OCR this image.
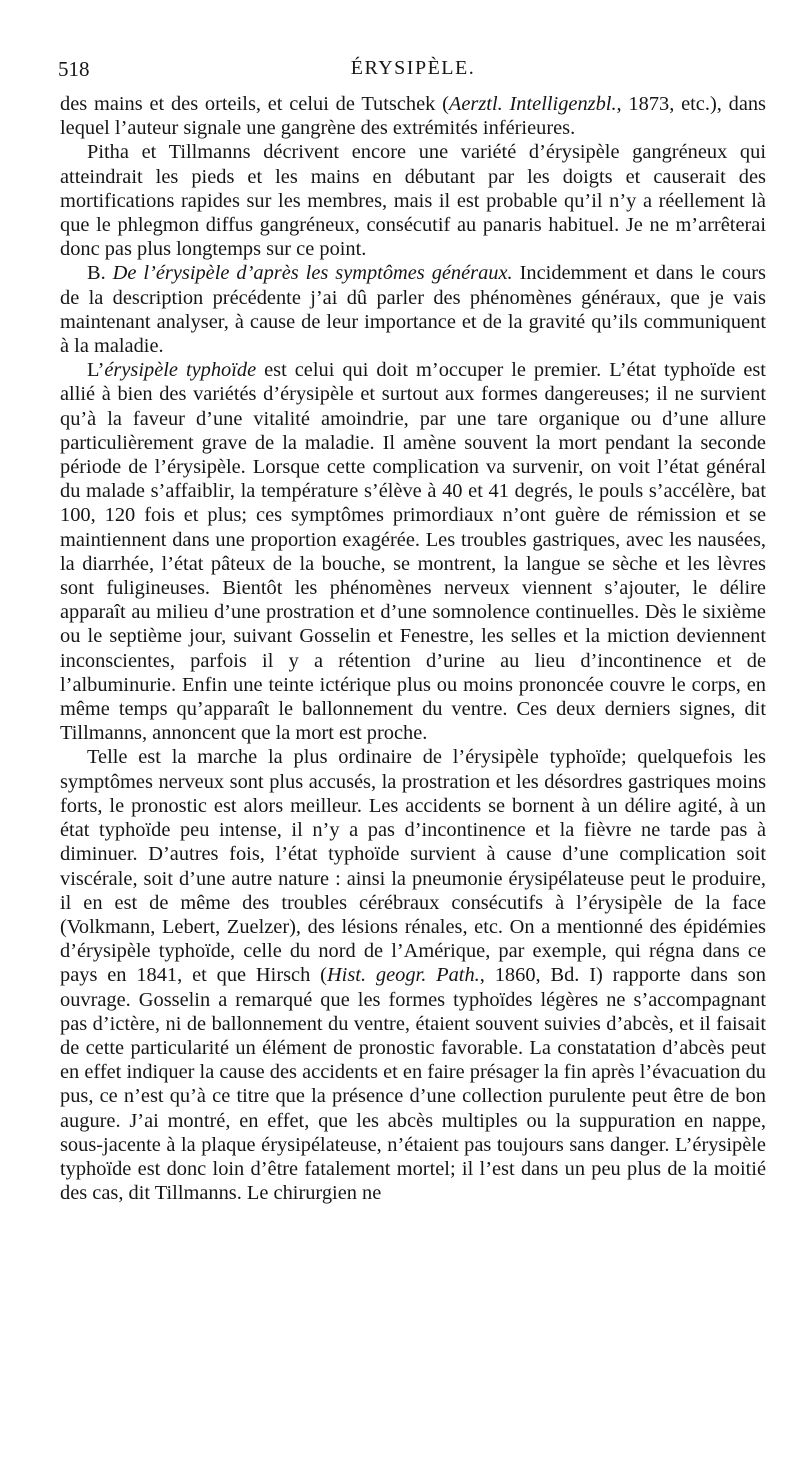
518	ÉRYSIPÈLE.

des mains et des orteils, et celui de Tutschek (Aerztl. Intelligenzbl., 1873, etc.), dans lequel l’auteur signale une gangrène des extrémités inférieures.

Pitha et Tillmanns décrivent encore une variété d’érysipèle gangréneux qui atteindrait les pieds et les mains en débutant par les doigts et causerait des mortifications rapides sur les membres, mais il est probable qu’il n’y a réellement là que le phlegmon diffus gangréneux, consécutif au panaris habituel. Je ne m’arrêterai donc pas plus longtemps sur ce point.

B. De l’érysipèle d’après les symptômes généraux. Incidemment et dans le cours de la description précédente j’ai dû parler des phénomènes généraux, que je vais maintenant analyser, à cause de leur importance et de la gravité qu’ils communiquent à la maladie.

L’érysipèle typhoïde est celui qui doit m’occuper le premier. L’état typhoïde est allié à bien des variétés d’érysipèle et surtout aux formes dangereuses; il ne survient qu’à la faveur d’une vitalité amoindrie, par une tare organique ou d’une allure particulièrement grave de la maladie. Il amène souvent la mort pendant la seconde période de l’érysipèle. Lorsque cette complication va survenir, on voit l’état général du malade s’affaiblir, la température s’élève à 40 et 41 degrés, le pouls s’accélère, bat 100, 120 fois et plus; ces symptômes primordiaux n’ont guère de rémission et se maintiennent dans une proportion exagérée. Les troubles gastriques, avec les nausées, la diarrhée, l’état pâteux de la bouche, se montrent, la langue se sèche et les lèvres sont fuligineuses. Bientôt les phénomènes nerveux viennent s’ajouter, le délire apparaît au milieu d’une prostration et d’une somnolence continuelles. Dès le sixième ou le septième jour, suivant Gosselin et Fenestre, les selles et la miction deviennent inconscientes, parfois il y a rétention d’urine au lieu d’incontinence et de l’albuminurie. Enfin une teinte ictérique plus ou moins prononcée couvre le corps, en même temps qu’apparaît le ballonnement du ventre. Ces deux derniers signes, dit Tillmanns, annoncent que la mort est proche.

Telle est la marche la plus ordinaire de l’érysipèle typhoïde; quelquefois les symptômes nerveux sont plus accusés, la prostration et les désordres gastriques moins forts, le pronostic est alors meilleur. Les accidents se bornent à un délire agité, à un état typhoïde peu intense, il n’y a pas d’incontinence et la fièvre ne tarde pas à diminuer. D’autres fois, l’état typhoïde survient à cause d’une complication soit viscérale, soit d’une autre nature : ainsi la pneumonie érysipélateuse peut le produire, il en est de même des troubles cérébraux consécutifs à l’érysipèle de la face (Volkmann, Lebert, Zuelzer), des lésions rénales, etc. On a mentionné des épidémies d’érysipèle typhoïde, celle du nord de l’Amérique, par exemple, qui régna dans ce pays en 1841, et que Hirsch (Hist. geogr. Path., 1860, Bd. I) rapporte dans son ouvrage. Gosselin a remarqué que les formes typhoïdes légères ne s’accompagnant pas d’ictère, ni de ballonnement du ventre, étaient souvent suivies d’abcès, et il faisait de cette particularité un élément de pronostic favorable. La constatation d’abcès peut en effet indiquer la cause des accidents et en faire présager la fin après l’évacuation du pus, ce n’est qu’à ce titre que la présence d’une collection purulente peut être de bon augure. J’ai montré, en effet, que les abcès multiples ou la suppuration en nappe, sous-jacente à la plaque érysipélateuse, n’étaient pas toujours sans danger. L’érysipèle typhoïde est donc loin d’être fatalement mortel; il l’est dans un peu plus de la moitié des cas, dit Tillmanns. Le chirurgien ne
